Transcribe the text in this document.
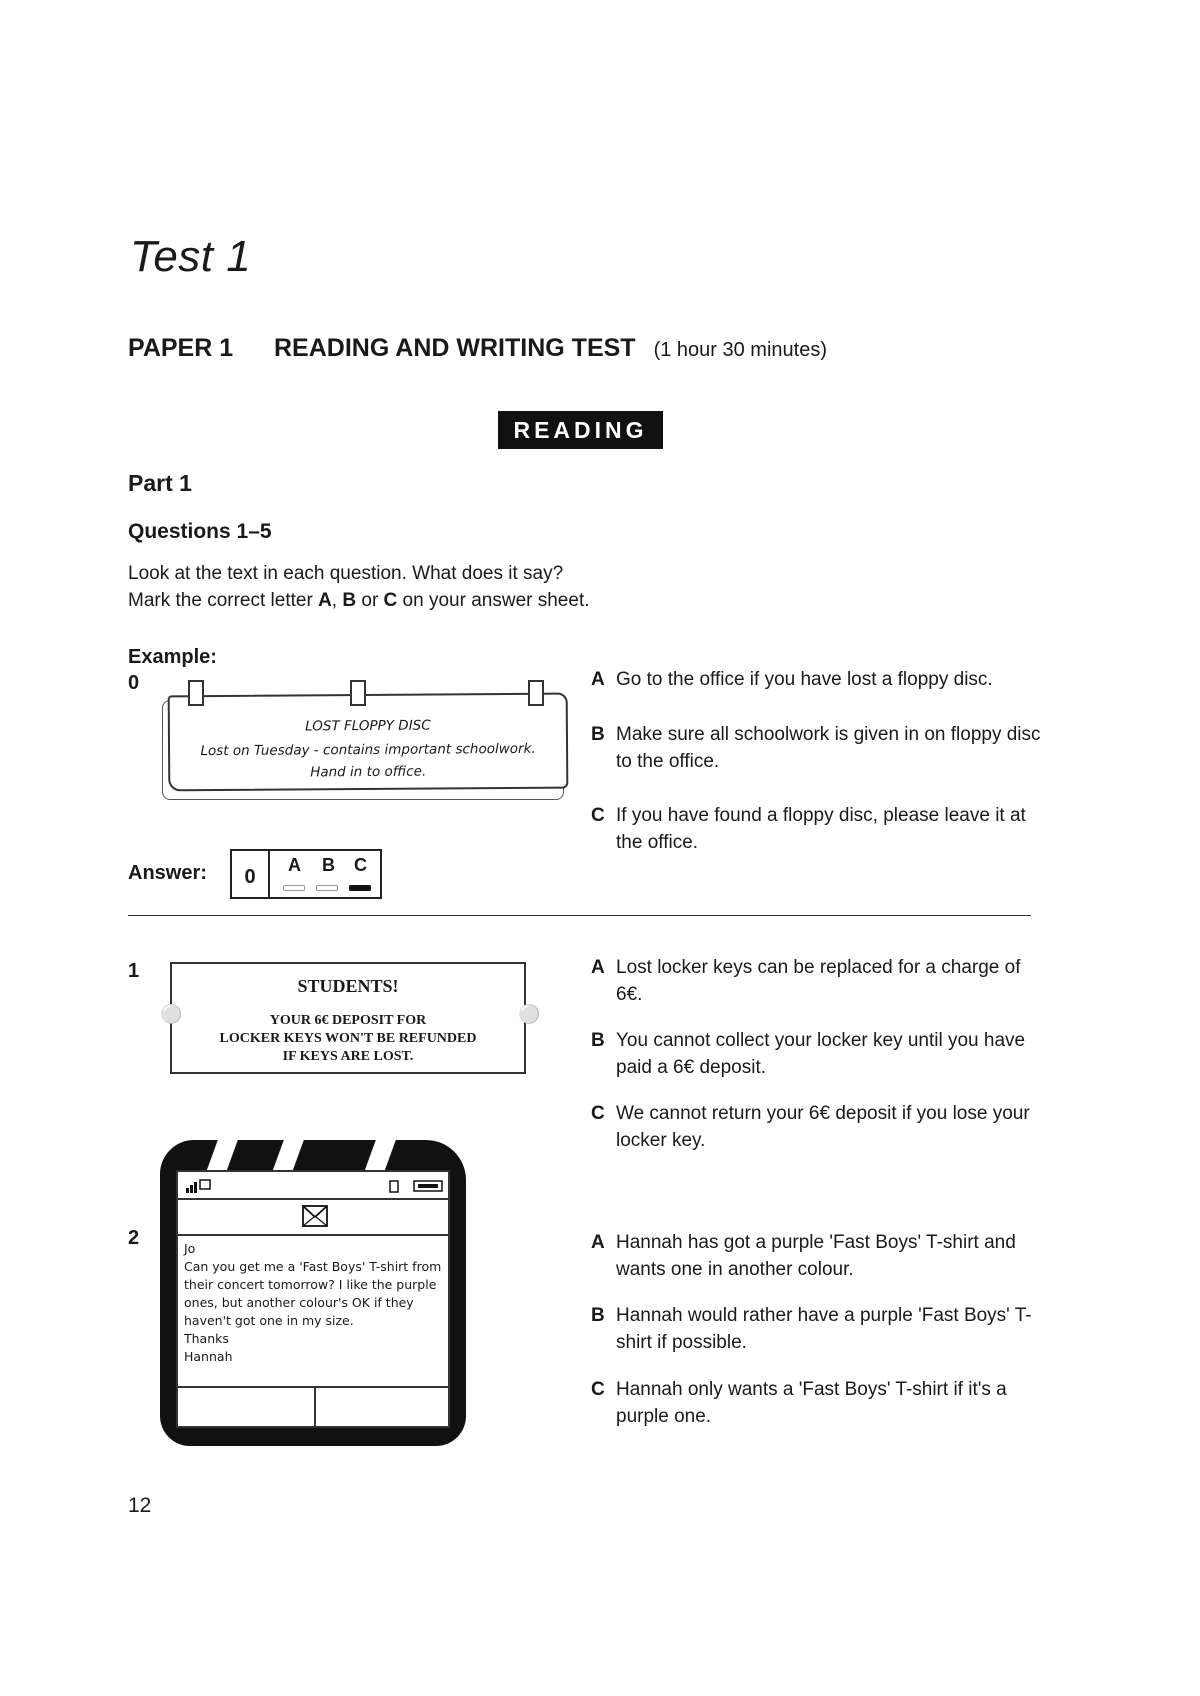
Test 1
PAPER 1 READING AND WRITING TEST (1 hour 30 minutes)
READING
Part 1
Questions 1–5
Look at the text in each question. What does it say?
Mark the correct letter A, B or C on your answer sheet.
Example:
0
LOST FLOPPY DISC
Lost on Tuesday - contains important schoolwork.
Hand in to office.
A Go to the office if you have lost a floppy disc.
B Make sure all schoolwork is given in on floppy disc to the office.
C If you have found a floppy disc, please leave it at the office.
Answer:	0
A B C
1
STUDENTS!
YOUR 6€ DEPOSIT FOR
LOCKER KEYS WON'T BE REFUNDED
IF KEYS ARE LOST.
⚪	⚪
A Lost locker keys can be replaced for a charge of 6€.
B You cannot collect your locker key until you have paid a 6€ deposit.
C We cannot return your 6€ deposit if you lose your locker key.
2	Jo
Can you get me a 'Fast Boys' T-shirt from their concert tomorrow? I like the purple ones, but another colour's OK if they haven't got one in my size.
Thanks
Hannah
A Hannah has got a purple 'Fast Boys' T-shirt and wants one in another colour.
B Hannah would rather have a purple 'Fast Boys' T-shirt if possible.
C Hannah only wants a 'Fast Boys' T-shirt if it's a purple one.
12
